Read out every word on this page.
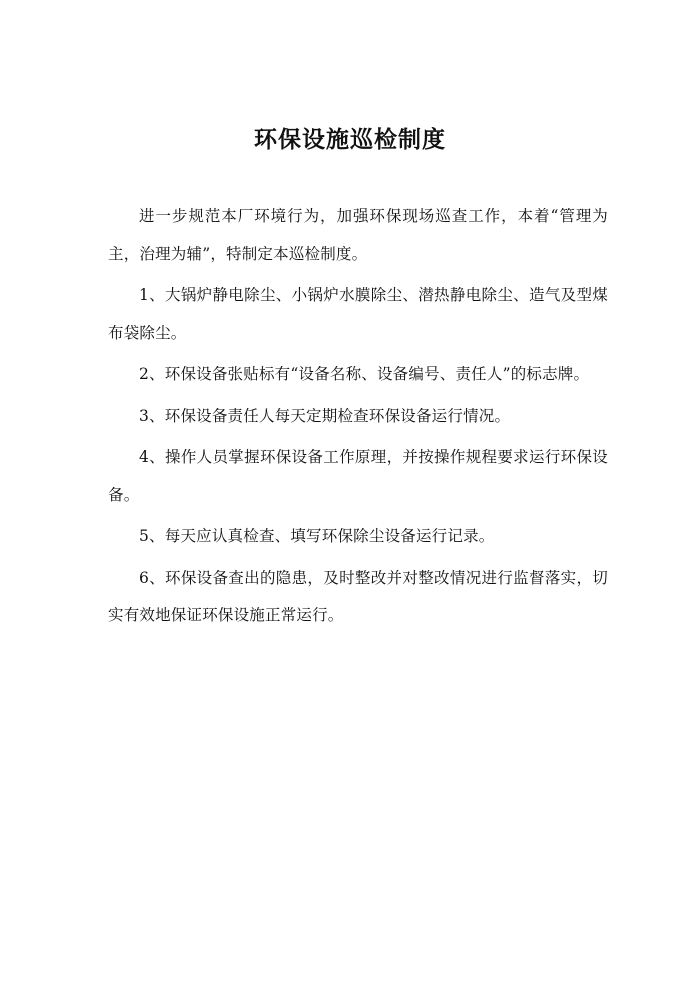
环保设施巡检制度

进一步规范本厂环境行为，加强环保现场巡查工作，本着“管理为主，治理为辅”，特制定本巡检制度。

1、大锅炉静电除尘、小锅炉水膜除尘、潜热静电除尘、造气及型煤布袋除尘。

2、环保设备张贴标有“设备名称、设备编号、责任人”的标志牌。

3、环保设备责任人每天定期检查环保设备运行情况。

4、操作人员掌握环保设备工作原理，并按操作规程要求运行环保设备。

5、每天应认真检查、填写环保除尘设备运行记录。

6、环保设备查出的隐患，及时整改并对整改情况进行监督落实，切实有效地保证环保设施正常运行。
